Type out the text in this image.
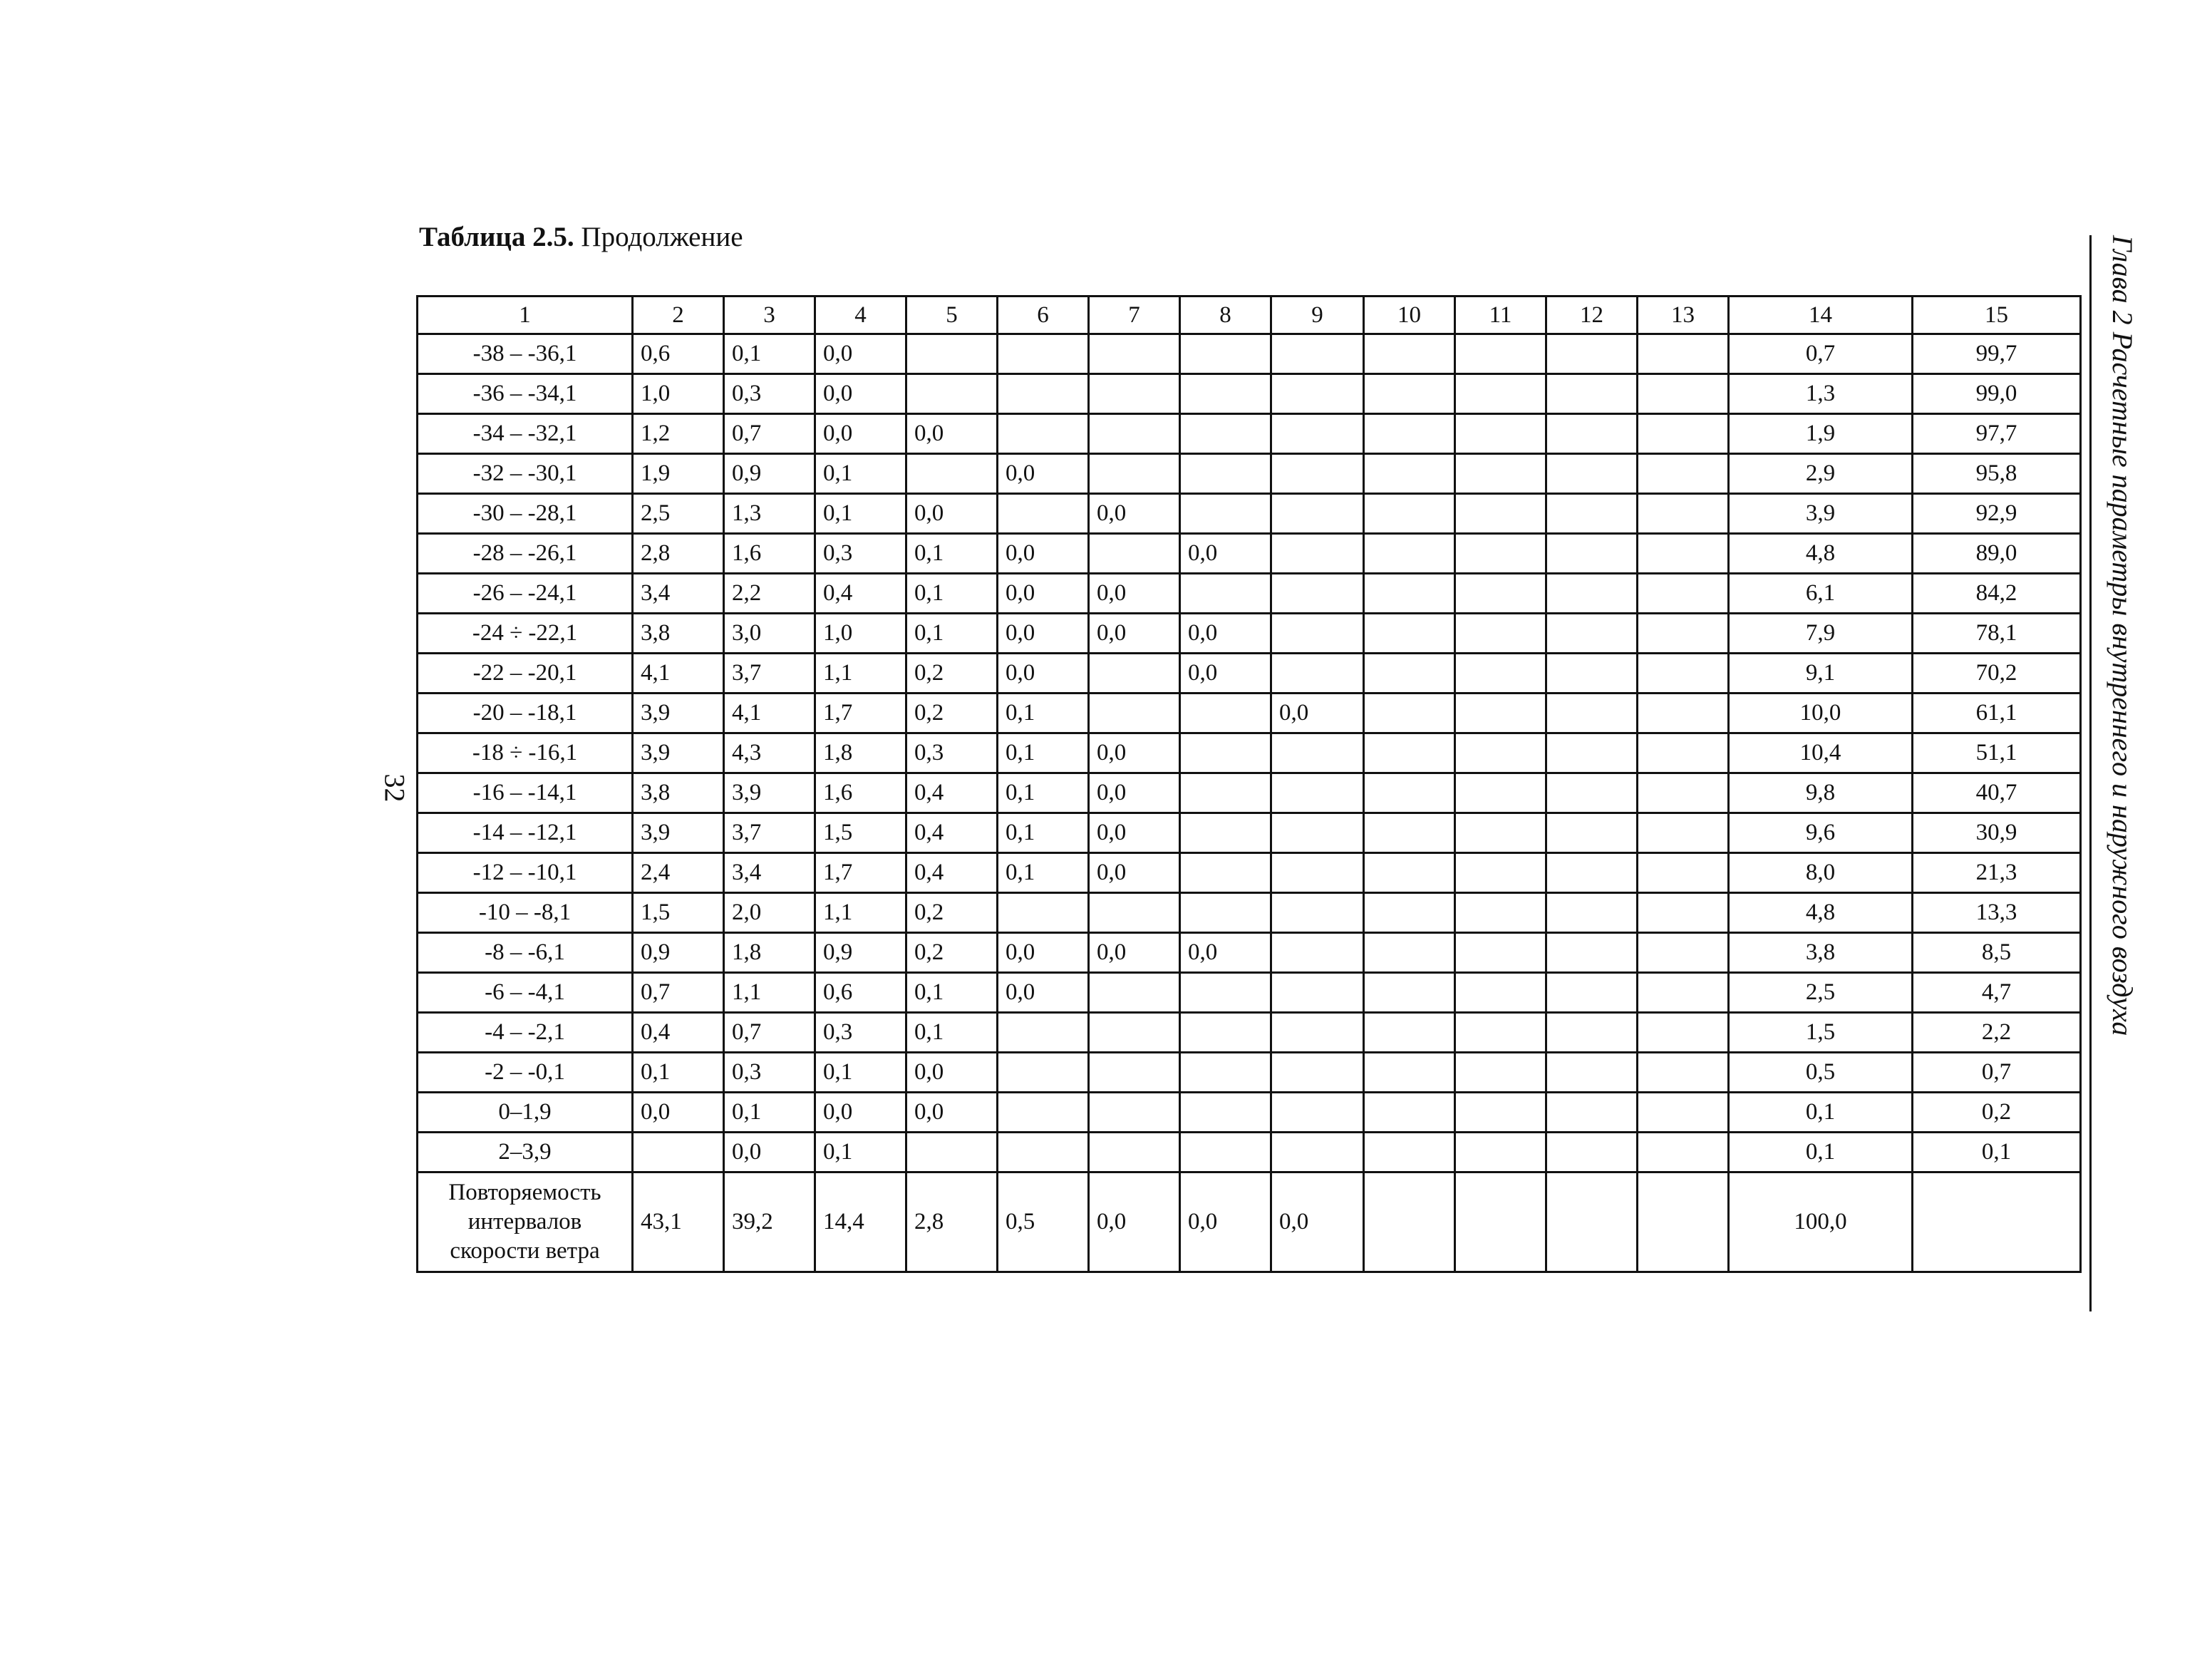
Таблица 2.5. Продолжение
32	Глава 2 Расчетные параметры внутреннего и наружного воздуха
1	2	3	4	5	6	7	8	9	10	11	12	13	14	15
-38 – -36,1	0,6	0,1	0,0										0,7	99,7
-36 – -34,1	1,0	0,3	0,0										1,3	99,0
-34 – -32,1	1,2	0,7	0,0	0,0									1,9	97,7
-32 – -30,1	1,9	0,9	0,1		0,0								2,9	95,8
-30 – -28,1	2,5	1,3	0,1	0,0		0,0							3,9	92,9
-28 – -26,1	2,8	1,6	0,3	0,1	0,0		0,0						4,8	89,0
-26 – -24,1	3,4	2,2	0,4	0,1	0,0	0,0							6,1	84,2
-24 ÷ -22,1	3,8	3,0	1,0	0,1	0,0	0,0	0,0						7,9	78,1
-22 – -20,1	4,1	3,7	1,1	0,2	0,0		0,0						9,1	70,2
-20 – -18,1	3,9	4,1	1,7	0,2	0,1			0,0					10,0	61,1
-18 ÷ -16,1	3,9	4,3	1,8	0,3	0,1	0,0							10,4	51,1
-16 – -14,1	3,8	3,9	1,6	0,4	0,1	0,0							9,8	40,7
-14 – -12,1	3,9	3,7	1,5	0,4	0,1	0,0							9,6	30,9
-12 – -10,1	2,4	3,4	1,7	0,4	0,1	0,0							8,0	21,3
-10 – -8,1	1,5	2,0	1,1	0,2									4,8	13,3
-8 – -6,1	0,9	1,8	0,9	0,2	0,0	0,0	0,0						3,8	8,5
-6 – -4,1	0,7	1,1	0,6	0,1	0,0								2,5	4,7
-4 – -2,1	0,4	0,7	0,3	0,1									1,5	2,2
-2 – -0,1	0,1	0,3	0,1	0,0									0,5	0,7
0–1,9	0,0	0,1	0,0	0,0									0,1	0,2
2–3,9		0,0	0,1										0,1	0,1
Повторяемость интервалов скорости ветра	43,1	39,2	14,4	2,8	0,5	0,0	0,0	0,0					100,0	
